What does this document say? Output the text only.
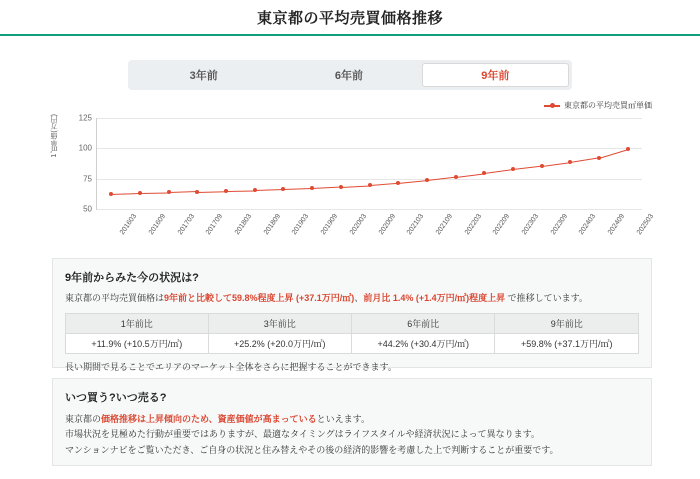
東京都の平均売買価格推移
3年前	6年前	9年前
東京都の平均売買㎡単価
1㎡単価(万円)
50
75
100
125
201603 201609 201703 201709 201803 201809 201903 201909 202003 202009 202103 202109 202203 202209 202303 202309 202403 202409 202503
9年前からみた今の状況は?
東京都の平均売買価格は9年前と比較して59.8%程度上昇 (+37.1万円/㎡)、前月比 1.4% (+1.4万円/㎡)程度上昇 で推移しています。
1年前比	3年前比	6年前比	9年前比
+11.9% (+10.5万円/㎡)	+25.2% (+20.0万円/㎡)	+44.2% (+30.4万円/㎡)	+59.8% (+37.1万円/㎡)
長い期間で見ることでエリアのマーケット全体をさらに把握することができます。
いつ買う?いつ売る?
東京都の価格推移は上昇傾向のため、資産価値が高まっているといえます。
市場状況を見極めた行動が重要ではありますが、最適なタイミングはライフスタイルや経済状況によって異なります。
マンションナビをご覧いただき、ご自身の状況と住み替えやその後の経済的影響を考慮した上で判断することが重要です。
